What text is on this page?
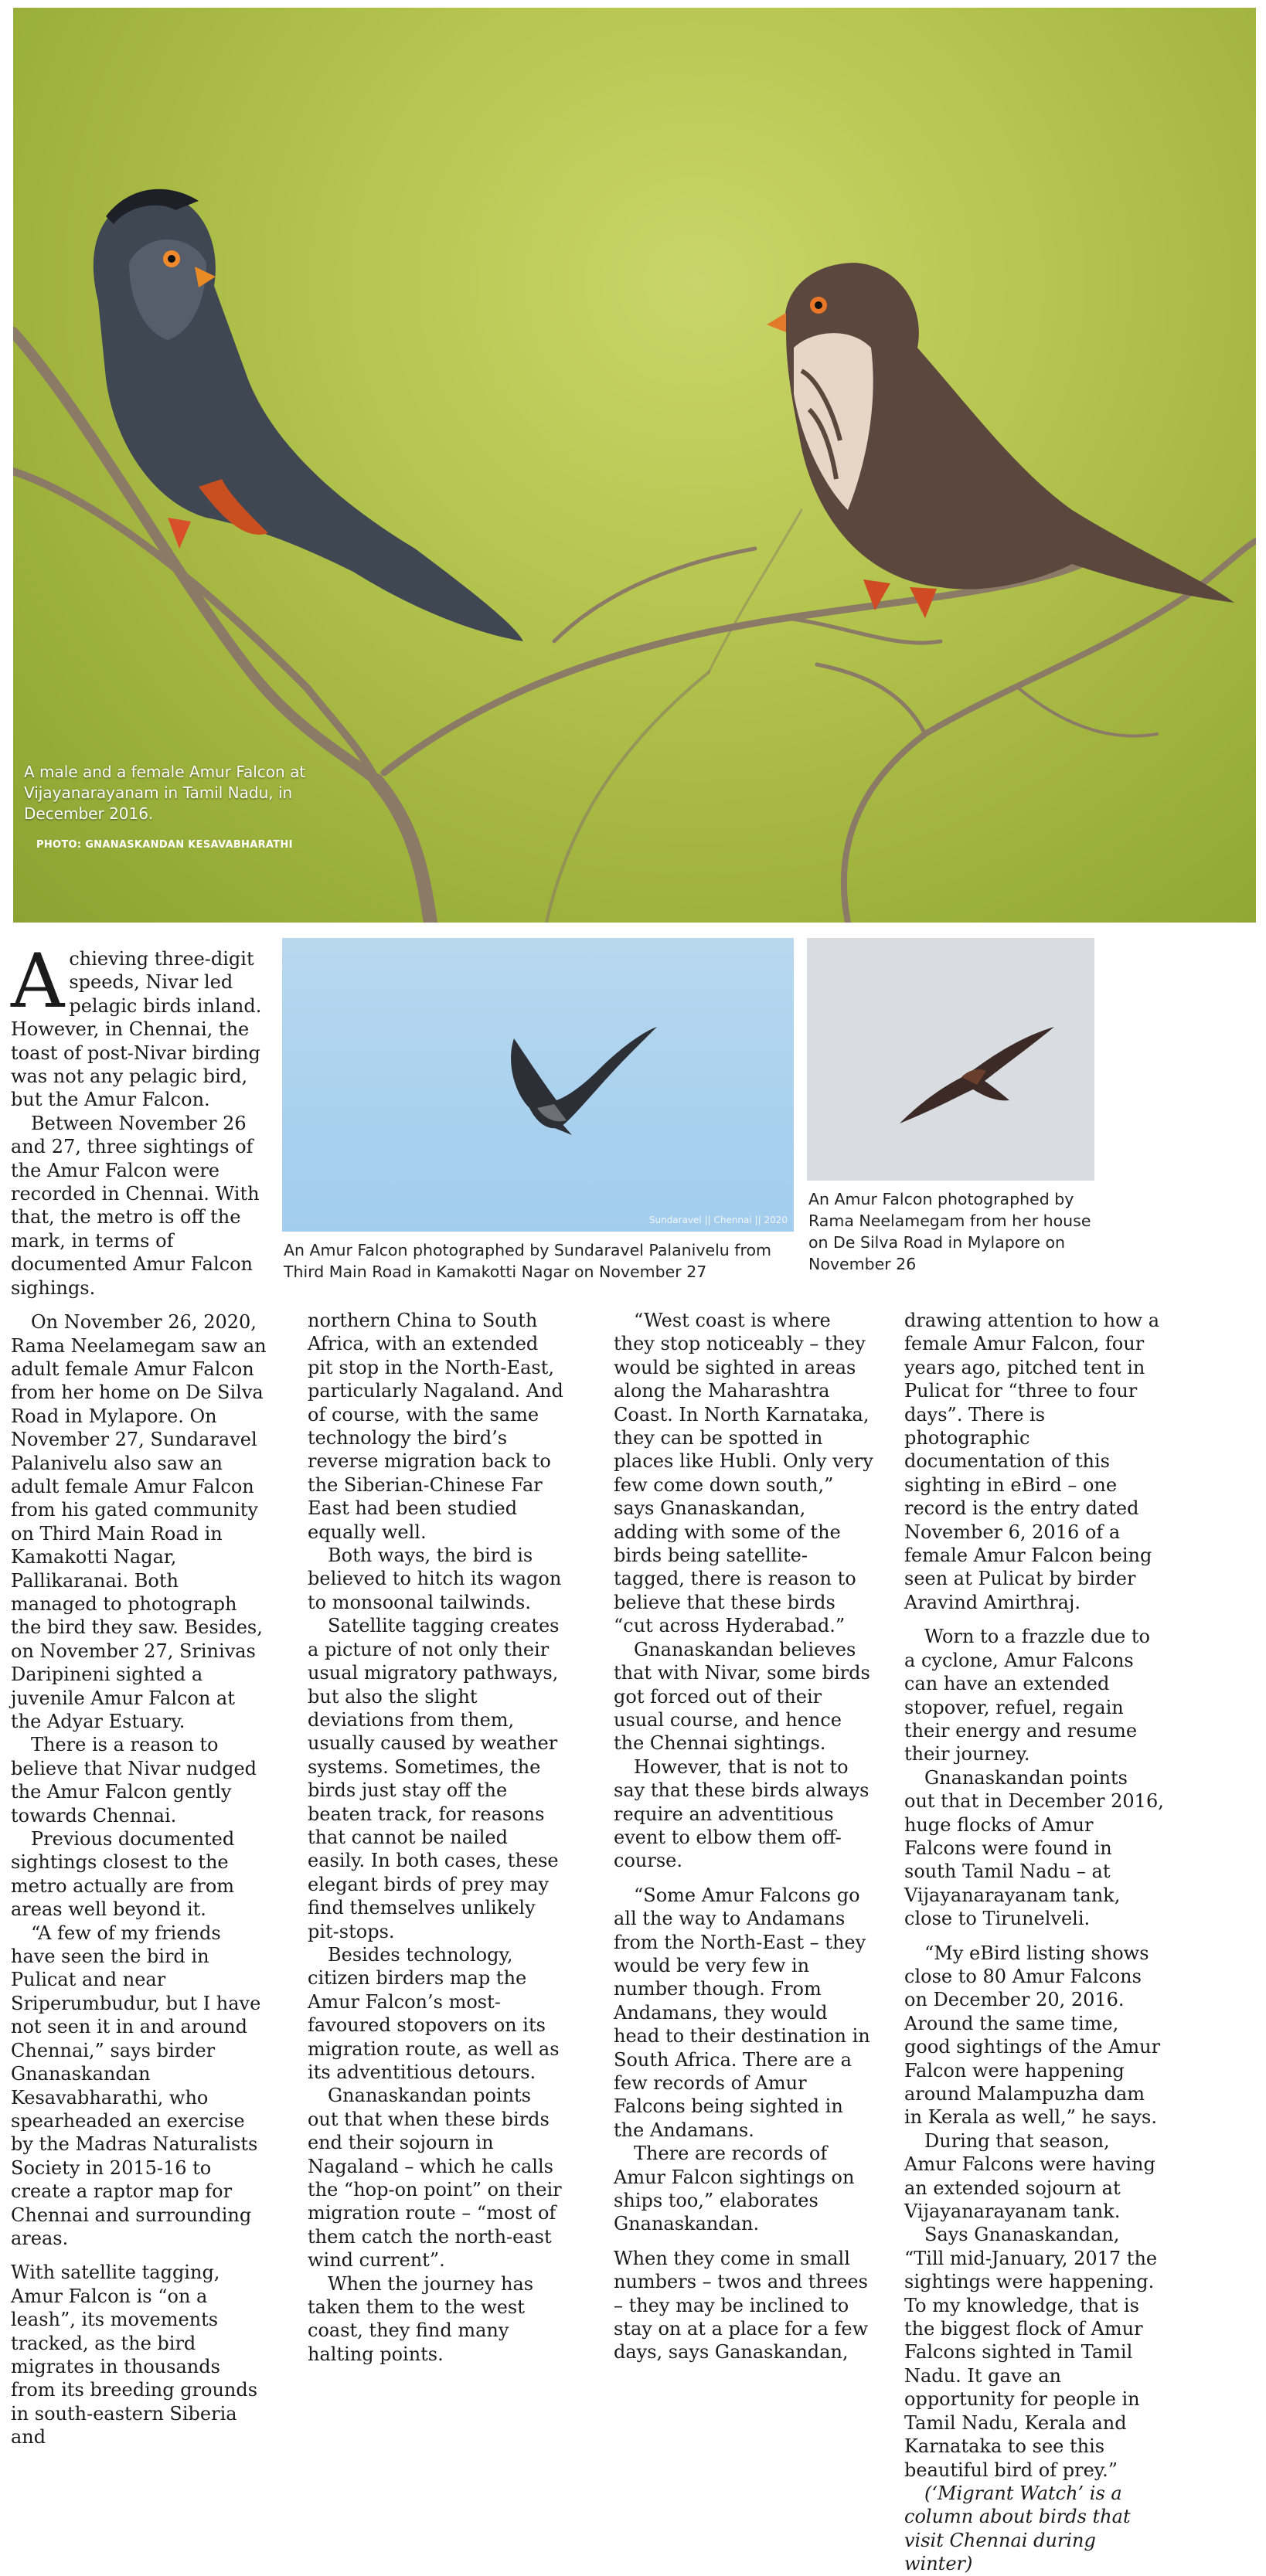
A male and a female Amur Falcon at Vijayanarayanam in Tamil Nadu, in December 2016.
PHOTO: GNANASKANDAN KESAVABHARATHI
Sundaravel || Chennai || 2020
An Amur Falcon photographed by Sundaravel Palanivelu from Third Main Road in Kamakotti Nagar on November 27
An Amur Falcon photographed by Rama Neelamegam from her house on De Silva Road in Mylapore on November 26

Achieving three-digit speeds, Nivar led pelagic birds inland. However, in Chennai, the toast of post-Nivar birding was not any pelagic bird, but the Amur Falcon.

Between November 26 and 27, three sightings of the Amur Falcon were recorded in Chennai. With that, the metro is off the mark, in terms of documented Amur Falcon sighings.

On November 26, 2020, Rama Neelamegam saw an adult female Amur Falcon from her home on De Silva Road in Mylapore. On November 27, Sundaravel Palanivelu also saw an adult female Amur Falcon from his gated community on Third Main Road in Kamakotti Nagar, Pallikaranai. Both managed to photograph the bird they saw. Besides, on November 27, Srinivas Daripineni sighted a juvenile Amur Falcon at the Adyar Estuary.

There is a reason to believe that Nivar nudged the Amur Falcon gently towards Chennai.

Previous documented sightings closest to the metro actually are from areas well beyond it.

“A few of my friends have seen the bird in Pulicat and near Sriperumbudur, but I have not seen it in and around Chennai,” says birder Gnanaskandan Kesavabharathi, who spearheaded an exercise by the Madras Naturalists Society in 2015-16 to create a raptor map for Chennai and surrounding areas.

With satellite tagging, Amur Falcon is “on a leash”, its movements tracked, as the bird migrates in thousands from its breeding grounds in south-eastern Siberia and

northern China to South Africa, with an extended pit stop in the North-East, particularly Nagaland. And of course, with the same technology the bird’s reverse migration back to the Siberian-Chinese Far East had been studied equally well.

Both ways, the bird is believed to hitch its wagon to monsoonal tailwinds.

Satellite tagging creates a picture of not only their usual migratory pathways, but also the slight deviations from them, usually caused by weather systems. Sometimes, the birds just stay off the beaten track, for reasons that cannot be nailed easily. In both cases, these elegant birds of prey may find themselves unlikely pit-stops.

Besides technology, citizen birders map the Amur Falcon’s most-favoured stopovers on its migration route, as well as its adventitious detours.

Gnanaskandan points out that when these birds end their sojourn in Nagaland – which he calls the “hop-on point” on their migration route – “most of them catch the north-east wind current”.

When the journey has taken them to the west coast, they find many halting points.

“West coast is where they stop noticeably – they would be sighted in areas along the Maharashtra Coast. In North Karnataka, they can be spotted in places like Hubli. Only very few come down south,” says Gnanaskandan, adding with some of the birds being satellite-tagged, there is reason to believe that these birds “cut across Hyderabad.”

Gnanaskandan believes that with Nivar, some birds got forced out of their usual course, and hence the Chennai sightings.

However, that is not to say that these birds always require an adventitious event to elbow them off-course.

“Some Amur Falcons go all the way to Andamans from the North-East – they would be very few in number though. From Andamans, they would head to their destination in South Africa. There are a few records of Amur Falcons being sighted in the Andamans.

There are records of Amur Falcon sightings on ships too,” elaborates Gnanaskandan.

When they come in small numbers – twos and threes – they may be inclined to stay on at a place for a few days, says Ganaskandan,

drawing attention to how a female Amur Falcon, four years ago, pitched tent in Pulicat for “three to four days”. There is photographic documentation of this sighting in eBird – one record is the entry dated November 6, 2016 of a female Amur Falcon being seen at Pulicat by birder Aravind Amirthraj.

Worn to a frazzle due to a cyclone, Amur Falcons can have an extended stopover, refuel, regain their energy and resume their journey.

Gnanaskandan points out that in December 2016, huge flocks of Amur Falcons were found in south Tamil Nadu – at Vijayanarayanam tank, close to Tirunelveli.

“My eBird listing shows close to 80 Amur Falcons on December 20, 2016. Around the same time, good sightings of the Amur Falcon were happening around Malampuzha dam in Kerala as well,” he says.

During that season, Amur Falcons were having an extended sojourn at Vijayanarayanam tank.

Says Gnanaskandan, “Till mid-January, 2017 the sightings were happening. To my knowledge, that is the biggest flock of Amur Falcons sighted in Tamil Nadu. It gave an opportunity for people in Tamil Nadu, Kerala and Karnataka to see this beautiful bird of prey.”

(‘Migrant Watch’ is a column about birds that visit Chennai during winter)
